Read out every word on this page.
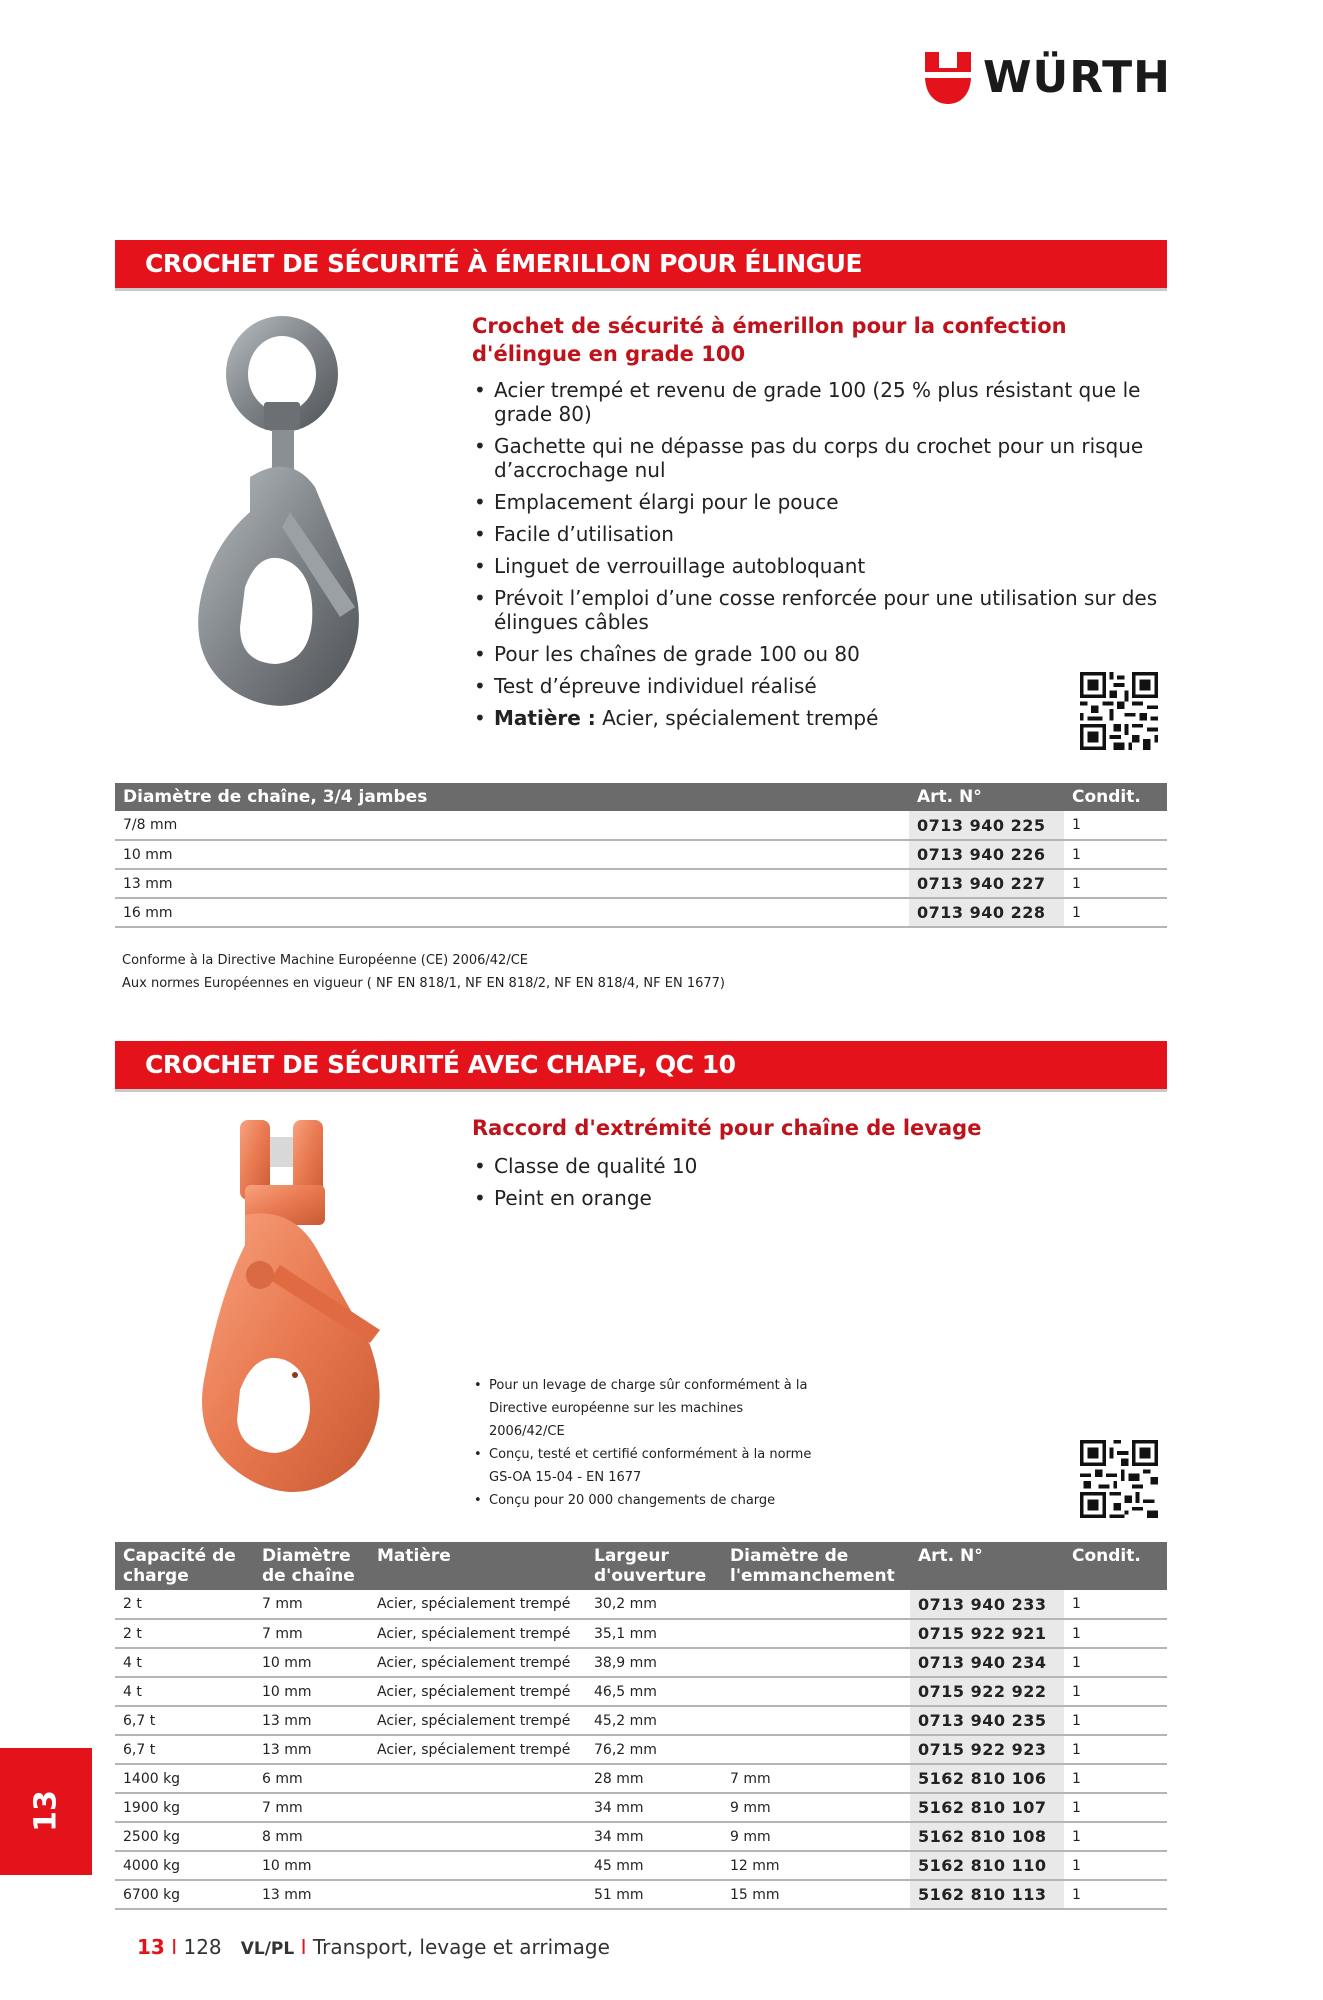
WÜRTH
CROCHET DE SÉCURITÉ À ÉMERILLON POUR ÉLINGUE
Crochet de sécurité à émerillon pour la confection d'élingue en grade 100
• Acier trempé et revenu de grade 100 (25 % plus résistant que le grade 80)
• Gachette qui ne dépasse pas du corps du crochet pour un risque d’accrochage nul
• Emplacement élargi pour le pouce
• Facile d’utilisation
• Linguet de verrouillage autobloquant
• Prévoit l’emploi d’une cosse renforcée pour une utilisation sur des élingues câbles
• Pour les chaînes de grade 100 ou 80
• Test d’épreuve individuel réalisé
• Matière : Acier, spécialement trempé
Diamètre de chaîne, 3/4 jambes	Art. N°	Condit.
7/8 mm	0713 940 225	1
10 mm	0713 940 226	1
13 mm	0713 940 227	1
16 mm	0713 940 228	1
Conforme à la Directive Machine Européenne (CE) 2006/42/CE
Aux normes Européennes en vigueur ( NF EN 818/1, NF EN 818/2, NF EN 818/4, NF EN 1677)
CROCHET DE SÉCURITÉ AVEC CHAPE, QC 10
Raccord d'extrémité pour chaîne de levage
• Classe de qualité 10
• Peint en orange
• Pour un levage de charge sûr conformément à la Directive européenne sur les machines 2006/42/CE
• Conçu, testé et certifié conformément à la norme GS-OA 15-04 - EN 1677
• Conçu pour 20 000 changements de charge
Capacité de charge	Diamètre de chaîne	Matière	Largeur d'ouverture	Diamètre de l'emmanchement	Art. N°	Condit.
2 t	7 mm	Acier, spécialement trempé	30,2 mm		0713 940 233	1
2 t	7 mm	Acier, spécialement trempé	35,1 mm		0715 922 921	1
4 t	10 mm	Acier, spécialement trempé	38,9 mm		0713 940 234	1
4 t	10 mm	Acier, spécialement trempé	46,5 mm		0715 922 922	1
6,7 t	13 mm	Acier, spécialement trempé	45,2 mm		0713 940 235	1
6,7 t	13 mm	Acier, spécialement trempé	76,2 mm		0715 922 923	1
1400 kg	6 mm		28 mm	7 mm	5162 810 106	1
1900 kg	7 mm		34 mm	9 mm	5162 810 107	1
2500 kg	8 mm		34 mm	9 mm	5162 810 108	1
4000 kg	10 mm		45 mm	12 mm	5162 810 110	1
6700 kg	13 mm		51 mm	15 mm	5162 810 113	1
13
13 I 128 VL/PL I Transport, levage et arrimage
